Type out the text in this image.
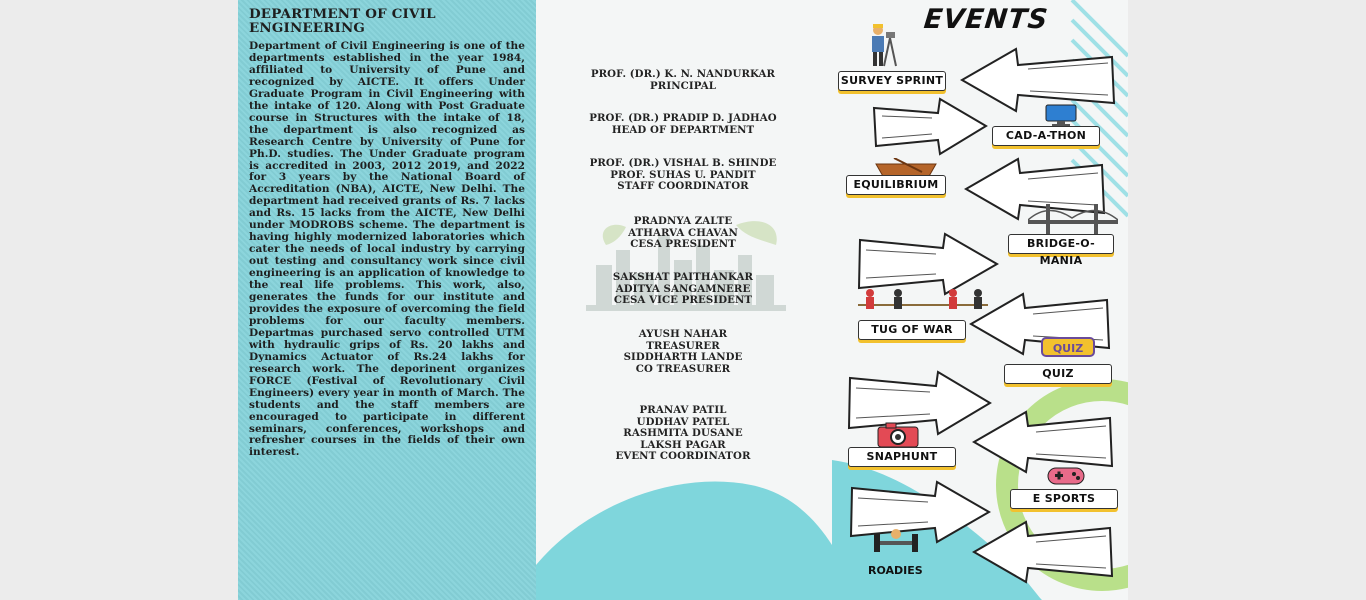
DEPARTMENT OF CIVIL ENGINEERING

Department of Civil Engineering is one of the departments established in the year 1984, affiliated to University of Pune and recognized by AICTE. It offers Under Graduate Program in Civil Engineering with the intake of 120. Along with Post Graduate course in Structures with the intake of 18, the department is also recognized as Research Centre by University of Pune for Ph.D. studies. The Under Graduate program is accredited in 2003, 2012 2019, and 2022 for 3 years by the National Board of Accreditation (NBA), AICTE, New Delhi. The department had received grants of Rs. 7 lacks and Rs. 15 lacks from the AICTE, New Delhi under MODROBS scheme. The department is having highly modernized laboratories which cater the needs of local industry by carrying out testing and consultancy work since civil engineering is an application of knowledge to the real life problems. This work, also, generates the funds for our institute and provides the exposure of overcoming the field problems for our faculty members. Departmas purchased servo controlled UTM with hydraulic grips of Rs. 20 lakhs and Dynamics Actuator of Rs.24 lakhs for research work. The deporinent organizes FORCE (Festival of Revolutionary Civil Engineers) every year in month of March. The students and the staff members are encouraged to participate in different seminars, conferences, workshops and refresher courses in the fields of their own interest.

PROF. (DR.) K. N. NANDURKAR
PRINCIPAL
PROF. (DR.) PRADIP D. JADHAO
HEAD OF DEPARTMENT
PROF. (DR.) VISHAL B. SHINDE
PROF. SUHAS U. PANDIT
STAFF COORDINATOR
PRADNYA ZALTE
ATHARVA CHAVAN
CESA PRESIDENT
SAKSHAT PAITHANKAR
ADITYA SANGAMNERE
CESA VICE PRESIDENT
AYUSH NAHAR
TREASURER
SIDDHARTH LANDE
CO TREASURER
PRANAV PATIL
UDDHAV PATEL
RASHMITA DUSANE
LAKSH PAGAR
EVENT COORDINATOR
EVENTS
QUIZ
SURVEY SPRINT
CAD-A-THON
EQUILIBRIUM
BRIDGE-O-MANIA
TUG OF WAR
QUIZ
SNAPHUNT
E SPORTS
ROADIES
